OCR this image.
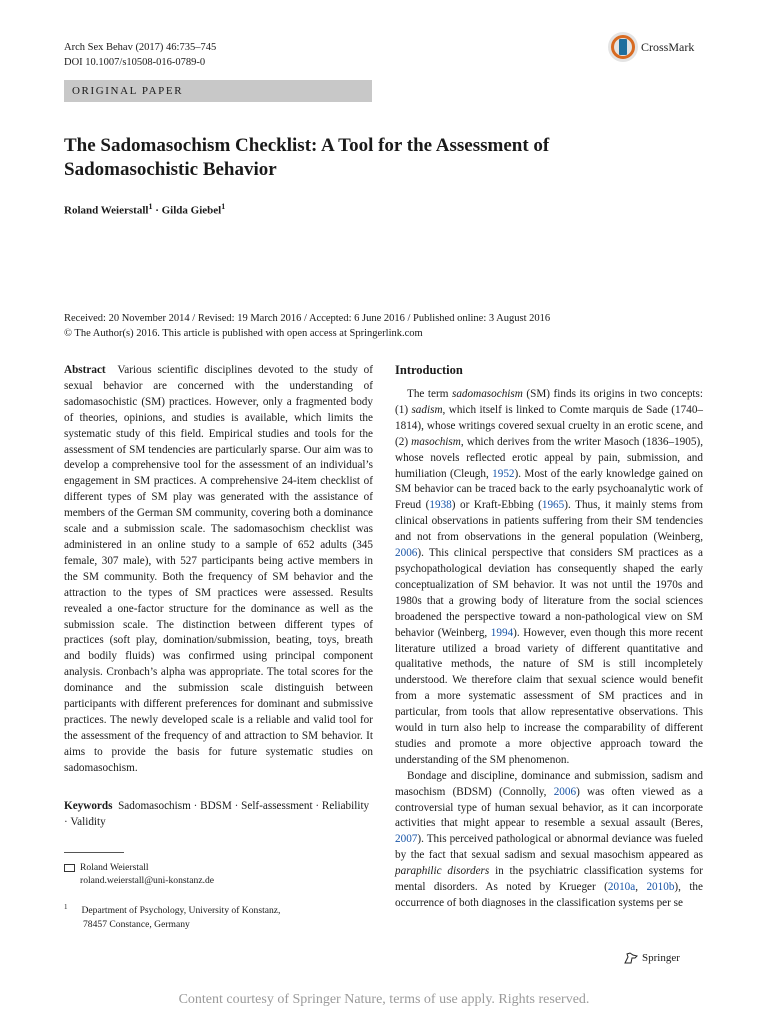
Arch Sex Behav (2017) 46:735–745
DOI 10.1007/s10508-016-0789-0
CrossMark
ORIGINAL PAPER
The Sadomasochism Checklist: A Tool for the Assessment of Sadomasochistic Behavior
Roland Weierstall$^1$ · Gilda Giebel$^1$
Received: 20 November 2014 / Revised: 19 March 2016 / Accepted: 6 June 2016 / Published online: 3 August 2016
© The Author(s) 2016. This article is published with open access at Springerlink.com

Abstract Various scientific disciplines devoted to the study of sexual behavior are concerned with the understanding of sadomasochistic (SM) practices. However, only a fragmented body of theories, opinions, and studies is available, which limits the systematic study of this field. Empirical studies and tools for the assessment of SM tendencies are particularly sparse. Our aim was to develop a comprehensive tool for the assessment of an individual’s engagement in SM practices. A comprehensive 24-item checklist of different types of SM play was generated with the assistance of members of the German SM community, covering both a dominance scale and a submission scale. The sadomasochism checklist was administered in an online study to a sample of 652 adults (345 female, 307 male), with 527 participants being active members in the SM community. Both the frequency of SM behavior and the attraction to the types of SM practices were assessed. Results revealed a one-factor structure for the dominance as well as the submission scale. The distinction between different types of practices (soft play, domination/submission, beating, toys, breath and bodily fluids) was confirmed using principal component analysis. Cronbach’s alpha was appropriate. The total scores for the dominance and the submission scale distinguish between participants with different preferences for dominant and submissive practices. The newly developed scale is a reliable and valid tool for the assessment of the frequency of and attraction to SM behavior. It aims to provide the basis for future systematic studies on sadomasochism.

Keywords Sadomasochism · BDSM · Self-assessment · Reliability · Validity
Roland Weierstall
roland.weierstall@uni-konstanz.de
$^1$ Department of Psychology, University of Konstanz,
78457 Constance, Germany
Introduction

The term sadomasochism (SM) finds its origins in two concepts: (1) sadism, which itself is linked to Comte marquis de Sade (1740–1814), whose writings covered sexual cruelty in an erotic scene, and (2) masochism, which derives from the writer Masoch (1836–1905), whose novels reflected erotic appeal by pain, submission, and humiliation (Cleugh, 1952). Most of the early knowledge gained on SM behavior can be traced back to the early psychoanalytic work of Freud (1938) or Kraft-Ebbing (1965). Thus, it mainly stems from clinical observations in patients suffering from their SM tendencies and not from observations in the general population (Weinberg, 2006). This clinical perspective that considers SM practices as a psychopathological deviation has consequently shaped the early conceptualization of SM behavior. It was not until the 1970s and 1980s that a growing body of literature from the social sciences broadened the perspective toward a non-pathological view on SM behavior (Weinberg, 1994). However, even though this more recent literature utilized a broad variety of different quantitative and qualitative methods, the nature of SM is still incompletely understood. We therefore claim that sexual science would benefit from a more systematic assessment of SM practices and in particular, from tools that allow representative observations. This would in turn also help to increase the comparability of different studies and promote a more objective approach toward the understanding of the SM phenomenon.

Bondage and discipline, dominance and submission, sadism and masochism (BDSM) (Connolly, 2006) was often viewed as a controversial type of human sexual behavior, as it can incorporate activities that might appear to resemble a sexual assault (Beres, 2007). This perceived pathological or abnormal deviance was fueled by the fact that sexual sadism and sexual masochism appeared as paraphilic disorders in the psychiatric classification systems for mental disorders. As noted by Krueger (2010a, 2010b), the occurrence of both diagnoses in the classification systems per se

Springer
Content courtesy of Springer Nature, terms of use apply. Rights reserved.
